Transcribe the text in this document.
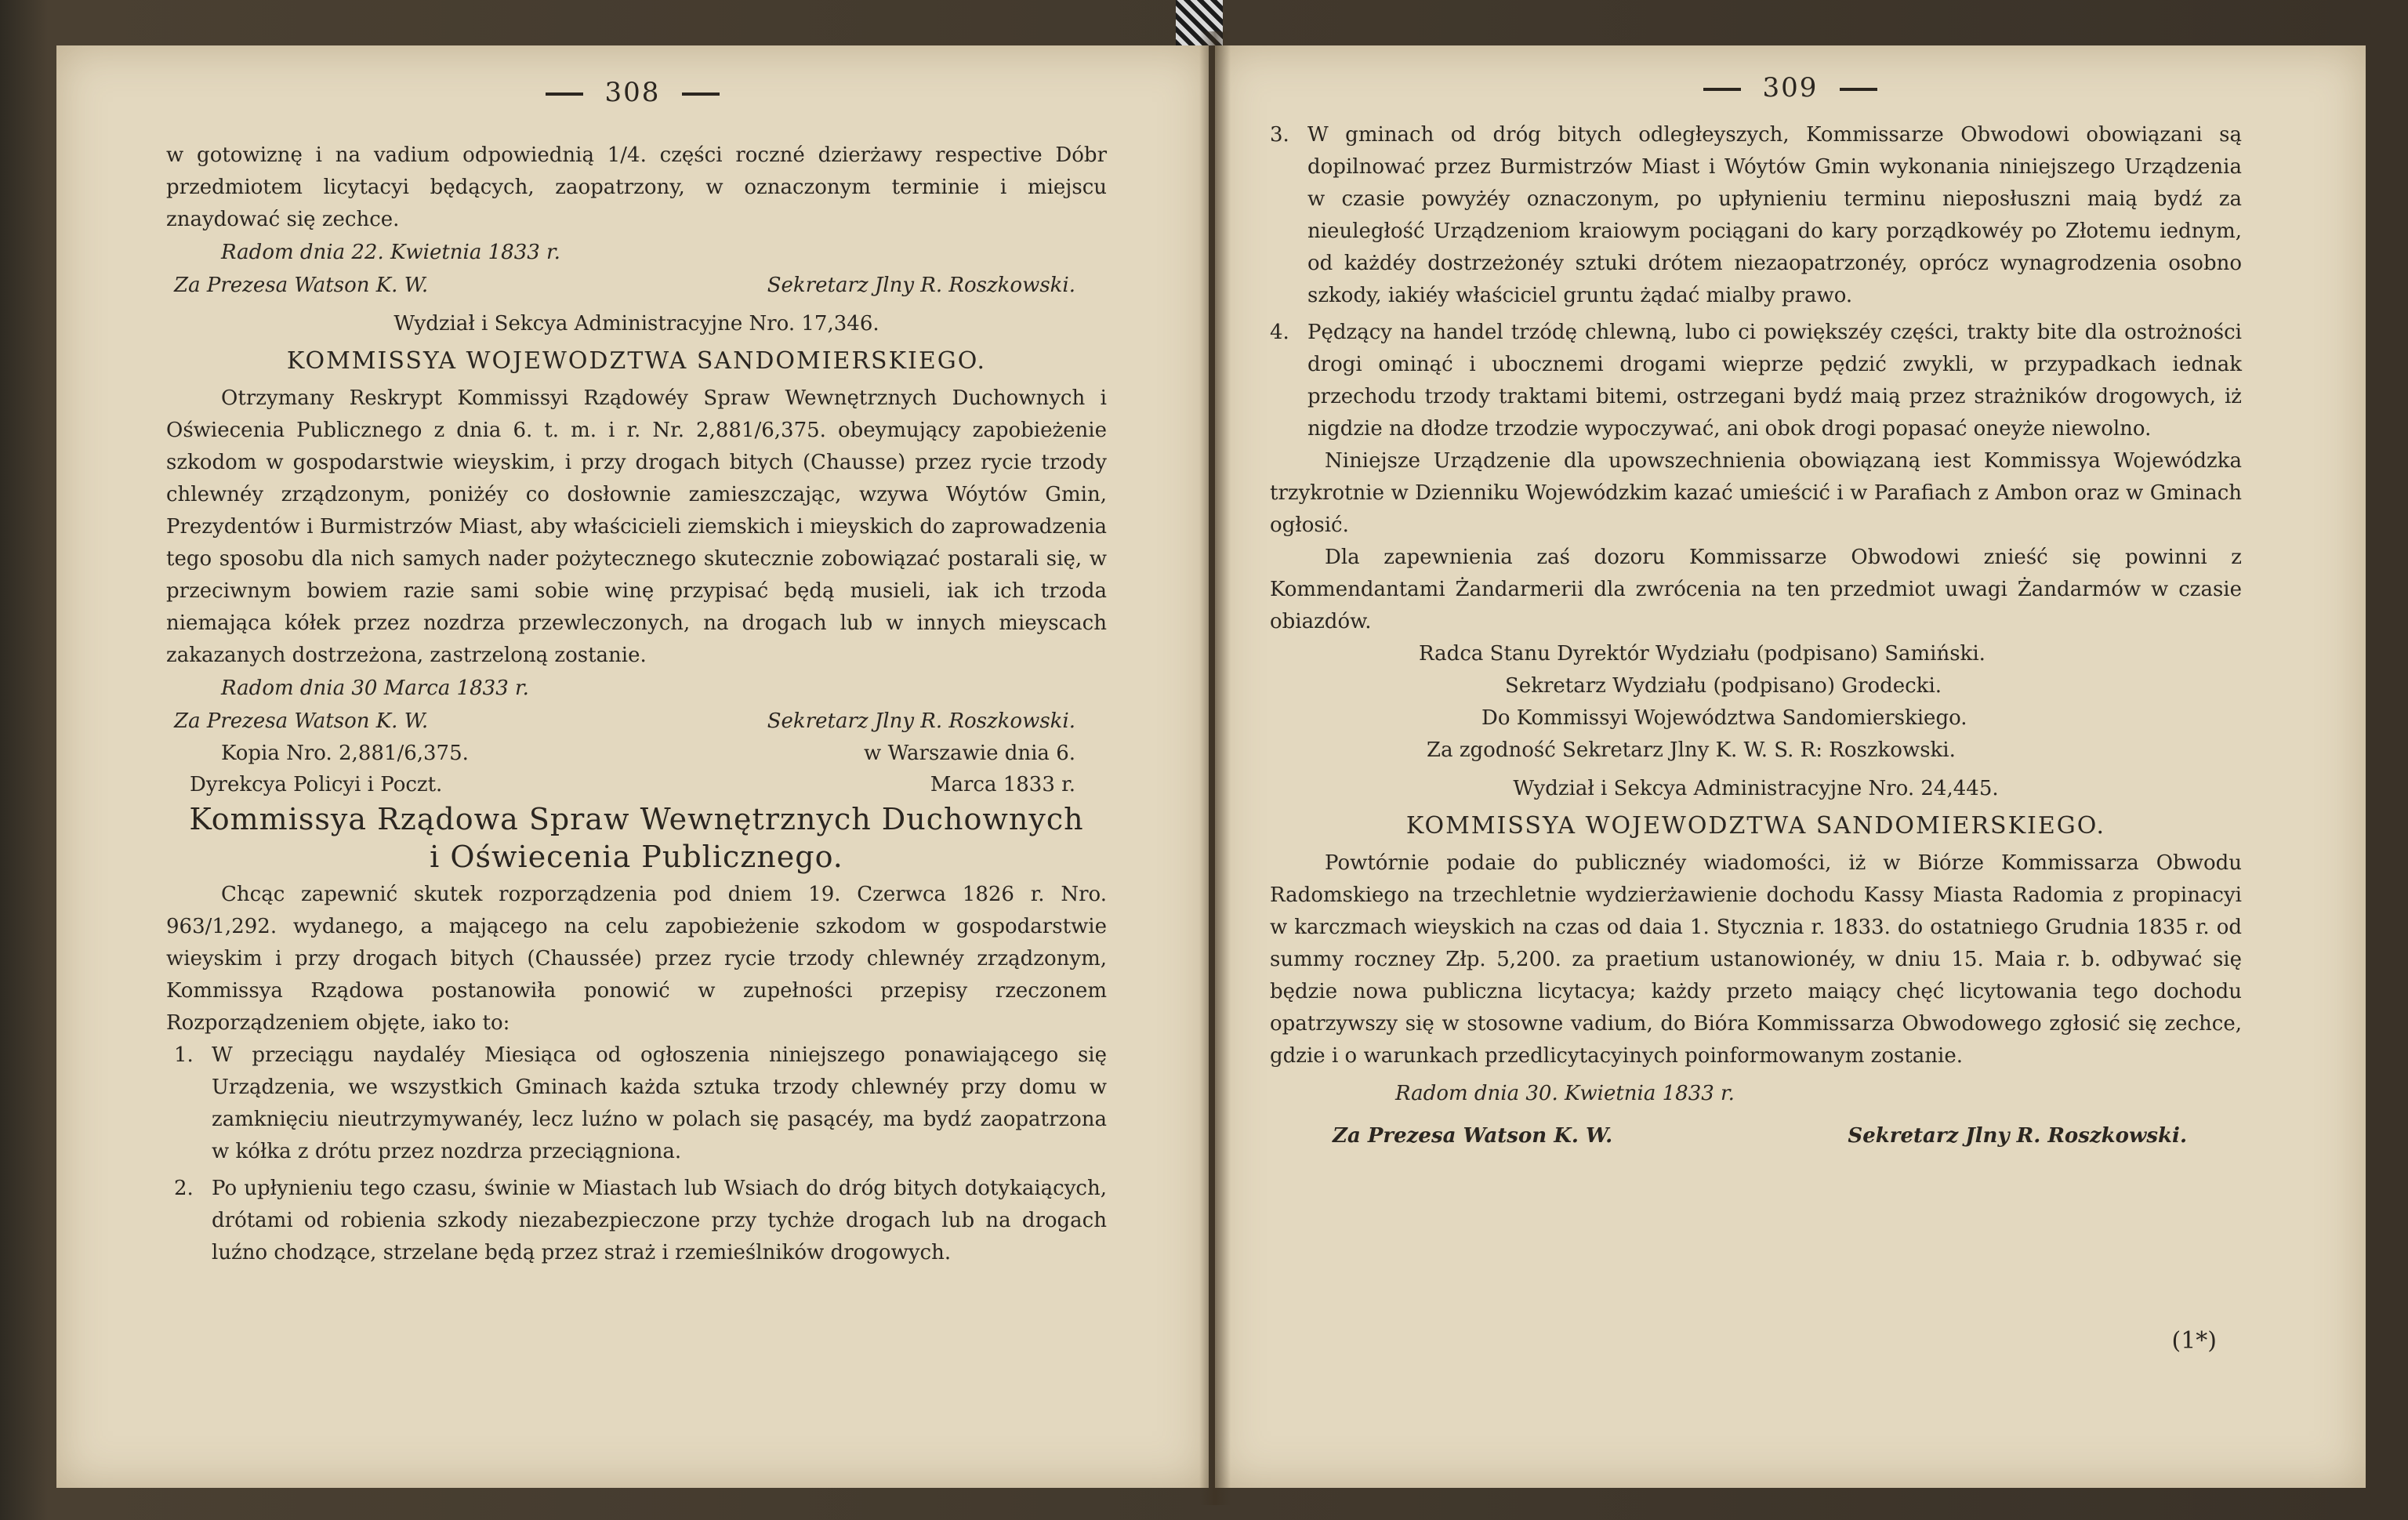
308

w gotowiznę i na vadium odpowiednią 1/4. części roczné dzierżawy respective Dóbr przedmiotem licytacyi będących, zaopatrzony, w oznaczonym terminie i miejscu znaydować się zechce.

Radom dnia 22. Kwietnia 1833 r.
Za Prezesa Watson K. W.	Sekretarz Jlny R. Roszkowski.
Wydział i Sekcya Administracyjne Nro. 17,346.
KOMMISSYA WOJEWODZTWA SANDOMIERSKIEGO.

Otrzymany Reskrypt Kommissyi Rządowéy Spraw Wewnętrznych Duchownych i Oświecenia Publicznego z dnia 6. t. m. i r. Nr. 2,881/6,375. obeymujący zapobieżenie szkodom w gospodarstwie wieyskim, i przy drogach bitych (Chausse) przez rycie trzody chlewnéy zrządzonym, poniżéy co dosłownie zamieszczając, wzywa Wóytów Gmin, Prezydentów i Burmistrzów Miast, aby właścicieli ziemskich i mieyskich do zaprowadzenia tego sposobu dla nich samych nader pożytecznego skutecznie zobowiązać postarali się, w przeciwnym bowiem razie sami sobie winę przypisać będą musieli, iak ich trzoda niemająca kółek przez nozdrza przewleczonych, na drogach lub w innych mieyscach zakazanych dostrzeżona, zastrzeloną zostanie.

Radom dnia 30 Marca 1833 r.
Za Prezesa Watson K. W.	Sekretarz Jlny R. Roszkowski.
Kopia Nro. 2,881/6,375.	w Warszawie dnia 6.
Dyrekcya Policyi i Poczt.	Marca 1833 r.
Kommissya Rządowa Spraw Wewnętrznych Duchownych
i Oświecenia Publicznego.

Chcąc zapewnić skutek rozporządzenia pod dniem 19. Czerwca 1826 r. Nro. 963/1,292. wydanego, a mającego na celu zapobieżenie szkodom w gospodarstwie wieyskim i przy drogach bitych (Chaussée) przez rycie trzody chlewnéy zrządzonym, Kommissya Rządowa postanowiła ponowić w zupełności przepisy rzeczonem Rozporządzeniem objęte, iako to:

1. W przeciągu naydaléy Miesiąca od ogłoszenia niniejszego ponawiającego się Urządzenia, we wszystkich Gminach każda sztuka trzody chlewnéy przy domu w zamknięciu nieutrzymywanéy, lecz luźno w polach się pasącéy, ma bydź zaopatrzona w kółka z drótu przez nozdrza przeciągniona.
2. Po upłynieniu tego czasu, świnie w Miastach lub Wsiach do dróg bitych dotykaiących, drótami od robienia szkody niezabezpieczone przy tychże drogach lub na drogach luźno chodzące, strzelane będą przez straż i rzemieślników drogowych.
309
3. W gminach od dróg bitych odległeyszych, Kommissarze Obwodowi obowiązani są dopilnować przez Burmistrzów Miast i Wóytów Gmin wykonania niniejszego Urządzenia w czasie powyżéy oznaczonym, po upłynieniu terminu nieposłuszni maią bydź za nieuległość Urządzeniom kraiowym pociągani do kary porządkowéy po Złotemu iednym, od każdéy dostrzeżonéy sztuki drótem niezaopatrzonéy, oprócz wynagrodzenia osobno szkody, iakiéy właściciel gruntu żądać mialby prawo.
4. Pędzący na handel trzódę chlewną, lubo ci powiększéy części, trakty bite dla ostrożności drogi ominąć i ubocznemi drogami wieprze pędzić zwykli, w przypadkach iednak przechodu trzody traktami bitemi, ostrzegani bydź maią przez strażników drogowych, iż nigdzie na dłodze trzodzie wypoczywać, ani obok drogi popasać oneyże niewolno.

Niniejsze Urządzenie dla upowszechnienia obowiązaną iest Kommissya Wojewódzka trzykrotnie w Dzienniku Wojewódzkim kazać umieścić i w Parafiach z Ambon oraz w Gminach ogłosić.

Dla zapewnienia zaś dozoru Kommissarze Obwodowi znieść się powinni z Kommendantami Żandarmerii dla zwrócenia na ten przedmiot uwagi Żandarmów w czasie obiazdów.

Radca Stanu Dyrektór Wydziału (podpisano) Samiński.
Sekretarz Wydziału (podpisano) Grodecki.
Do Kommissyi Województwa Sandomierskiego.
Za zgodność Sekretarz Jlny K. W. S. R: Roszkowski.
Wydział i Sekcya Administracyjne Nro. 24,445.
KOMMISSYA WOJEWODZTWA SANDOMIERSKIEGO.

Powtórnie podaie do publicznéy wiadomości, iż w Biórze Kommissarza Obwodu Radomskiego na trzechletnie wydzierżawienie dochodu Kassy Miasta Radomia z propinacyi w karczmach wieyskich na czas od daia 1. Stycznia r. 1833. do ostatniego Grudnia 1835 r. od summy roczney Złp. 5,200. za praetium ustanowionéy, w dniu 15. Maia r. b. odbywać się będzie nowa publiczna licytacya; każdy przeto maiący chęć licytowania tego dochodu opatrzywszy się w stosowne vadium, do Bióra Kommissarza Obwodowego zgłosić się zechce, gdzie i o warunkach przedlicytacyinych poinformowanym zostanie.

Radom dnia 30. Kwietnia 1833 r.
Za Prezesa Watson K. W.	Sekretarz Jlny R. Roszkowski.
(1*)
